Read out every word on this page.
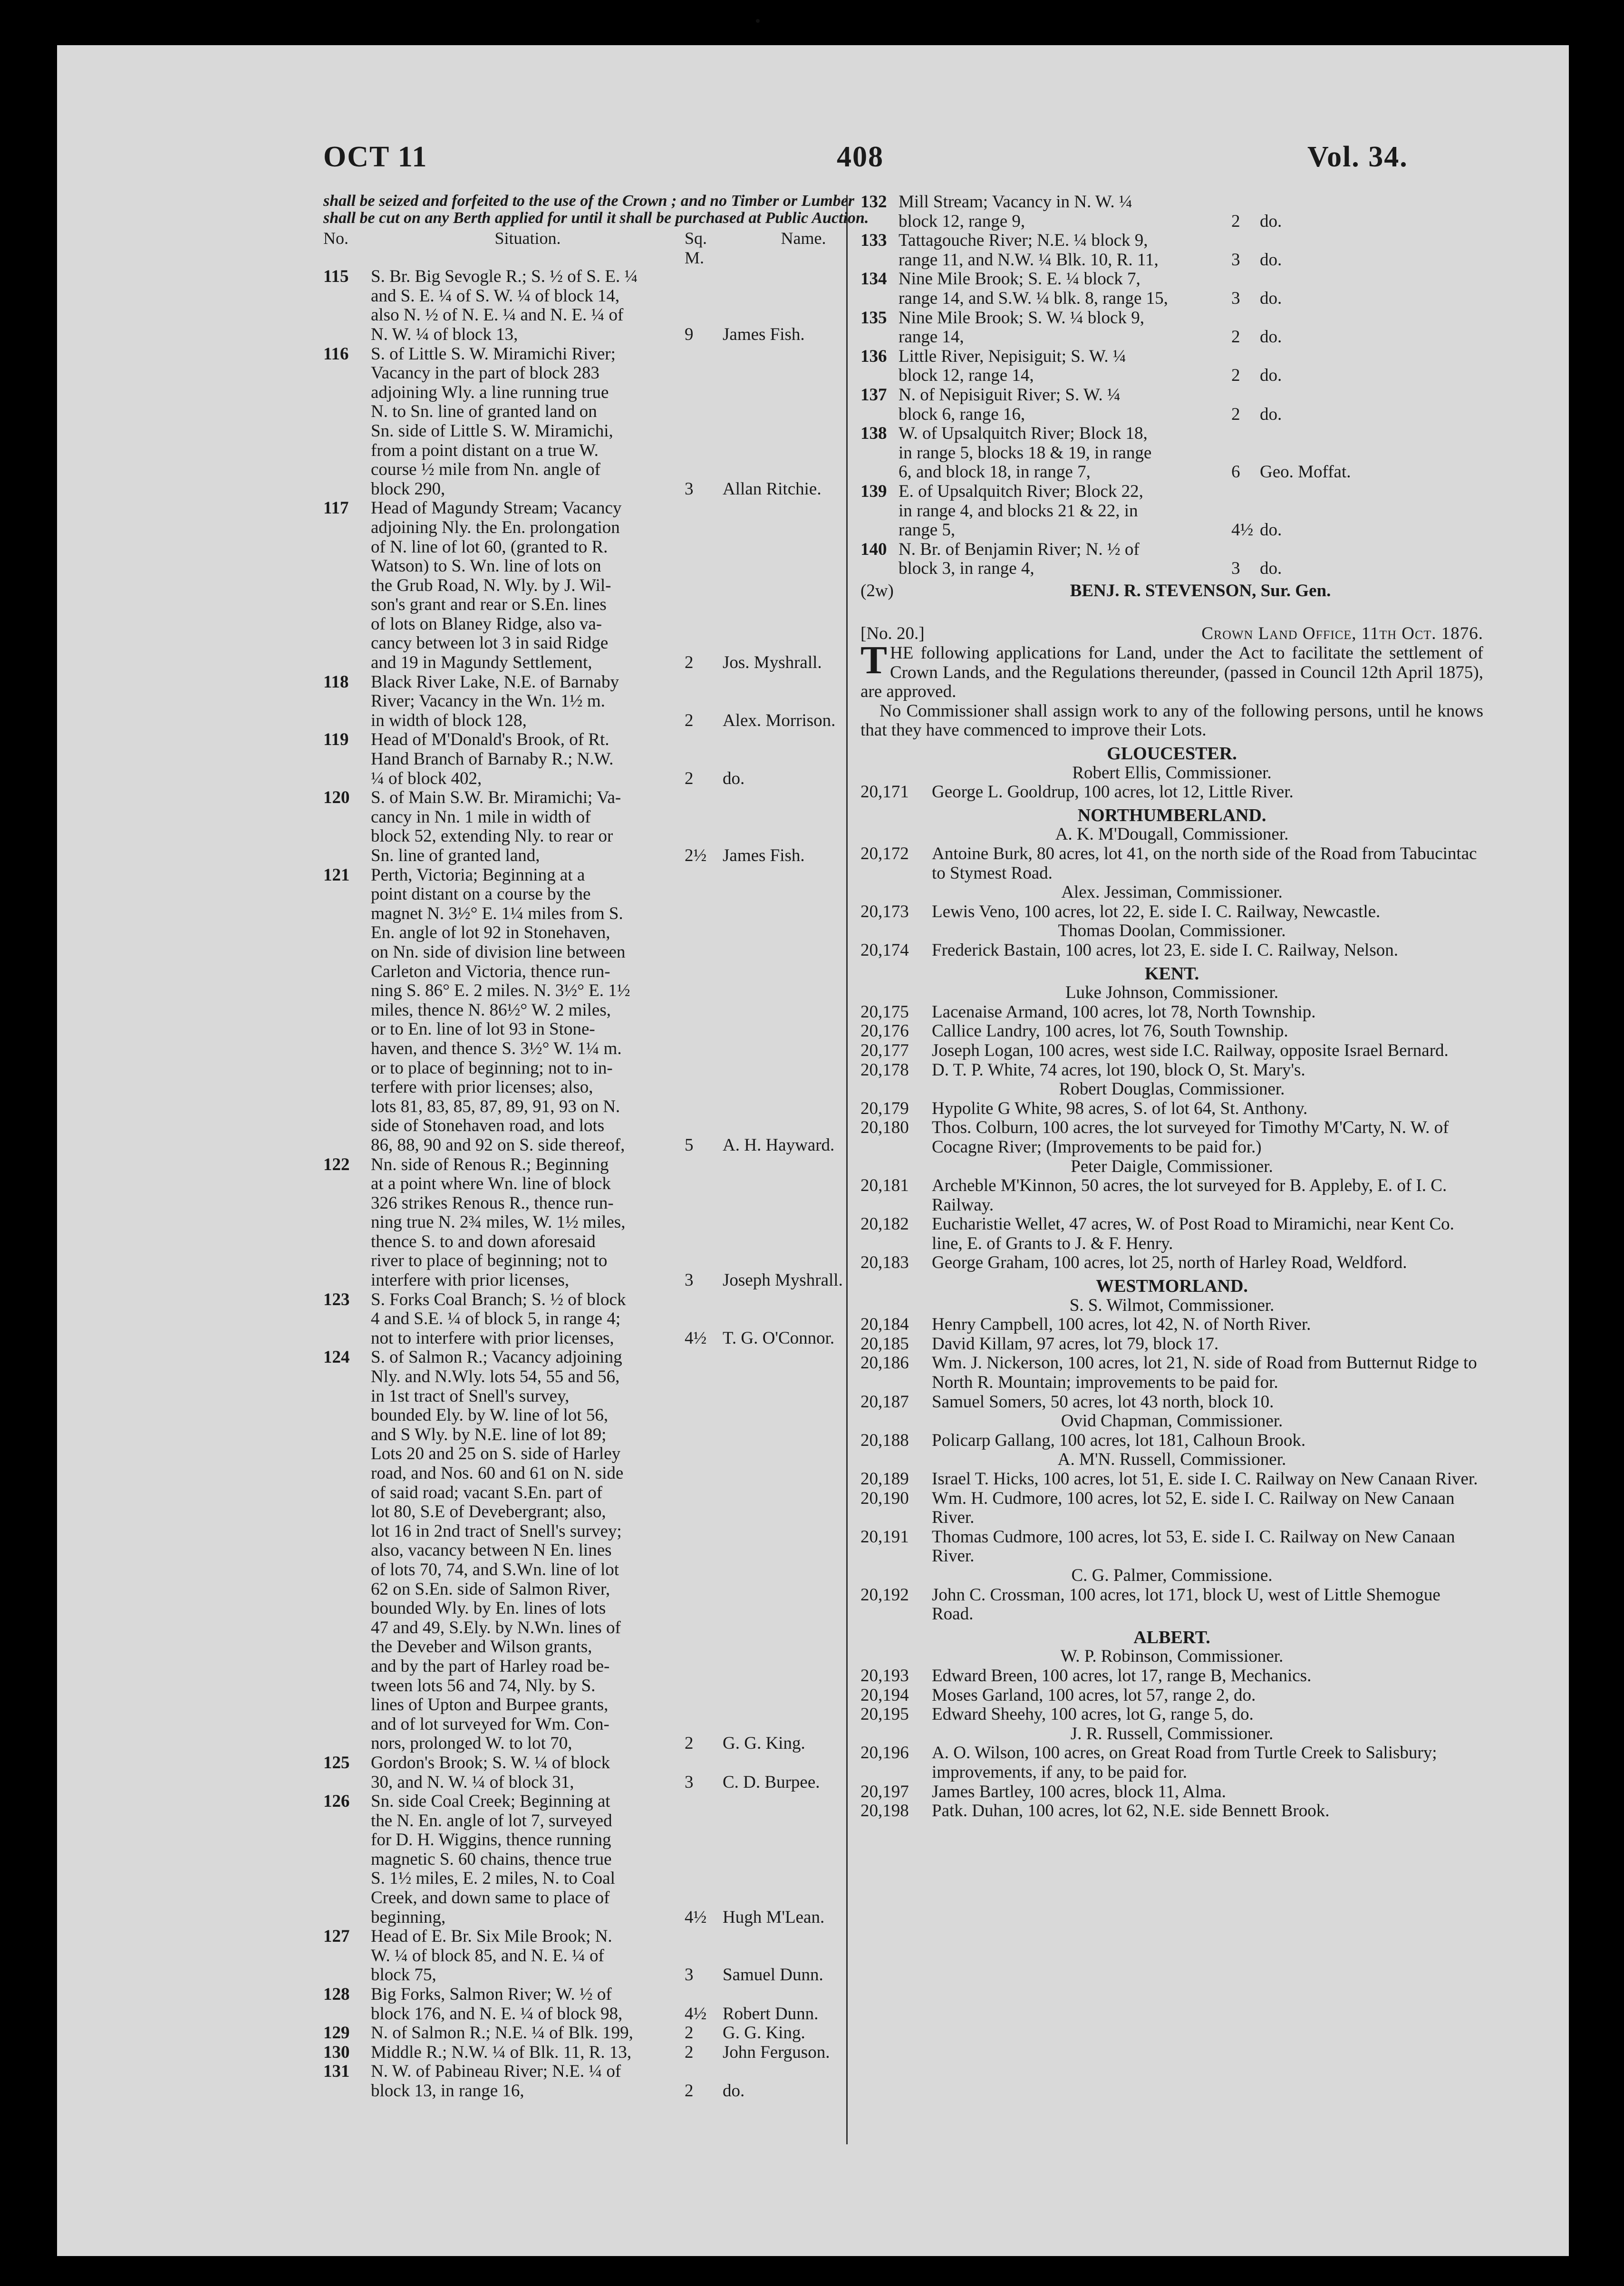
OCT 11	408	Vol. 34.
shall be seized and forfeited to the use of the Crown ; and no Timber or Lumber shall be cut on any Berth applied for until it shall be purchased at Public Auction.
No.	Situation.	Sq. M.
Name.
115	S. Br. Big Sevogle R.; S. ½ of S. E. ¼
and S. E. ¼ of S. W. ¼ of block 14,
also N. ½ of N. E. ¼ and N. E. ¼ of
N. W. ¼ of block 13,	9	James Fish.
116	S. of Little S. W. Miramichi River;
Vacancy in the part of block 283
adjoining Wly. a line running true
N. to Sn. line of granted land on
Sn. side of Little S. W. Miramichi,
from a point distant on a true W.
course ½ mile from Nn. angle of
block 290,	3	Allan Ritchie.
117	Head of Magundy Stream; Vacancy
adjoining Nly. the En. prolongation
of N. line of lot 60, (granted to R.
Watson) to S. Wn. line of lots on
the Grub Road, N. Wly. by J. Wil-
son's grant and rear or S.En. lines
of lots on Blaney Ridge, also va-
cancy between lot 3 in said Ridge
and 19 in Magundy Settlement,	2	Jos. Myshrall.
118	Black River Lake, N.E. of Barnaby
River; Vacancy in the Wn. 1½ m.
in width of block 128,	2	Alex. Morrison.
119	Head of M'Donald's Brook, of Rt.
Hand Branch of Barnaby R.; N.W.
¼ of block 402,	2	do.
120	S. of Main S.W. Br. Miramichi; Va-
cancy in Nn. 1 mile in width of
block 52, extending Nly. to rear or
Sn. line of granted land,	2½ James Fish.
121	Perth, Victoria; Beginning at a
point distant on a course by the
magnet N. 3½° E. 1¼ miles from S.
En. angle of lot 92 in Stonehaven,
on Nn. side of division line between
Carleton and Victoria, thence run-
ning S. 86° E. 2 miles. N. 3½° E. 1½
miles, thence N. 86½° W. 2 miles,
or to En. line of lot 93 in Stone-
haven, and thence S. 3½° W. 1¼ m.
or to place of beginning; not to in-
terfere with prior licenses; also,
lots 81, 83, 85, 87, 89, 91, 93 on N.
side of Stonehaven road, and lots
86, 88, 90 and 92 on S. side thereof,	5	A. H. Hayward.
122	Nn. side of Renous R.; Beginning
at a point where Wn. line of block
326 strikes Renous R., thence run-
ning true N. 2¾ miles, W. 1½ miles,
thence S. to and down aforesaid
river to place of beginning; not to
interfere with prior licenses,	3	Joseph Myshrall.
123	S. Forks Coal Branch; S. ½ of block
4 and S.E. ¼ of block 5, in range 4;
not to interfere with prior licenses,	4½ T. G. O'Connor.
124	S. of Salmon R.; Vacancy adjoining
Nly. and N.Wly. lots 54, 55 and 56,
in 1st tract of Snell's survey,
bounded Ely. by W. line of lot 56,
and S Wly. by N.E. line of lot 89;
Lots 20 and 25 on S. side of Harley
road, and Nos. 60 and 61 on N. side
of said road; vacant S.En. part of
lot 80, S.E of Devebergrant; also,
lot 16 in 2nd tract of Snell's survey;
also, vacancy between N En. lines
of lots 70, 74, and S.Wn. line of lot
62 on S.En. side of Salmon River,
bounded Wly. by En. lines of lots
47 and 49, S.Ely. by N.Wn. lines of
the Deveber and Wilson grants,
and by the part of Harley road be-
tween lots 56 and 74, Nly. by S.
lines of Upton and Burpee grants,
and of lot surveyed for Wm. Con-
nors, prolonged W. to lot 70,	2	G. G. King.
125	Gordon's Brook; S. W. ¼ of block
30, and N. W. ¼ of block 31,	3	C. D. Burpee.
126	Sn. side Coal Creek; Beginning at
the N. En. angle of lot 7, surveyed
for D. H. Wiggins, thence running
magnetic S. 60 chains, thence true
S. 1½ miles, E. 2 miles, N. to Coal
Creek, and down same to place of
beginning,	4½ Hugh M'Lean.
127	Head of E. Br. Six Mile Brook; N.
W. ¼ of block 85, and N. E. ¼ of
block 75,	3	Samuel Dunn.
128	Big Forks, Salmon River; W. ½ of
block 176, and N. E. ¼ of block 98,	4½ Robert Dunn.
129	N. of Salmon R.; N.E. ¼ of Blk. 199,	2	G. G. King.
130	Middle R.; N.W. ¼ of Blk. 11, R. 13,	2	John Ferguson.
131	N. W. of Pabineau River; N.E. ¼ of
block 13, in range 16,	2	do.
132 Mill Stream; Vacancy in N. W. ¼
block 12, range 9,	2	do.
133 Tattagouche River; N.E. ¼ block 9,
range 11, and N.W. ¼ Blk. 10, R. 11,	3	do.
134 Nine Mile Brook; S. E. ¼ block 7,
range 14, and S.W. ¼ blk. 8, range 15,	3	do.
135 Nine Mile Brook; S. W. ¼ block 9,
range 14,	2	do.
136 Little River, Nepisiguit; S. W. ¼
block 12, range 14,	2	do.
137 N. of Nepisiguit River; S. W. ¼
block 6, range 16,	2	do.
138 W. of Upsalquitch River; Block 18,
in range 5, blocks 18 & 19, in range
6, and block 18, in range 7,	6	Geo. Moffat.
139 E. of Upsalquitch River; Block 22,
in range 4, and blocks 21 & 22, in
range 5,	4½ do.
140 N. Br. of Benjamin River; N. ½ of
block 3, in range 4,	3	do.
(2w)	BENJ. R. STEVENSON, Sur. Gen.
[No. 20.]	Crown Land Office, 11th Oct. 1876.
THE following applications for Land, under the Act to facilitate the settlement of Crown Lands, and the Regulations thereunder, (passed in Council 12th April 1875), are approved.
No Commissioner shall assign work to any of the following persons, until he knows that they have commenced to improve their Lots.
GLOUCESTER.
Robert Ellis, Commissioner.
20,171	George L. Gooldrup, 100 acres, lot 12, Little River.
NORTHUMBERLAND.
A. K. M'Dougall, Commissioner.
20,172	Antoine Burk, 80 acres, lot 41, on the north side of the Road from Tabucintac to Stymest Road.
Alex. Jessiman, Commissioner.
20,173	Lewis Veno, 100 acres, lot 22, E. side I. C. Railway, Newcastle.
Thomas Doolan, Commissioner.
20,174	Frederick Bastain, 100 acres, lot 23, E. side I. C. Railway, Nelson.
KENT.
Luke Johnson, Commissioner.
20,175	Lacenaise Armand, 100 acres, lot 78, North Township.
20,176	Callice Landry, 100 acres, lot 76, South Township.
20,177	Joseph Logan, 100 acres, west side I.C. Railway, opposite Israel Bernard.
20,178	D. T. P. White, 74 acres, lot 190, block O, St. Mary's.
Robert Douglas, Commissioner.
20,179	Hypolite G White, 98 acres, S. of lot 64, St. Anthony.
20,180	Thos. Colburn, 100 acres, the lot surveyed for Timothy M'Carty, N. W. of Cocagne River; (Improvements to be paid for.)
Peter Daigle, Commissioner.
20,181	Archeble M'Kinnon, 50 acres, the lot surveyed for B. Appleby, E. of I. C. Railway.
20,182	Eucharistie Wellet, 47 acres, W. of Post Road to Miramichi, near Kent Co. line, E. of Grants to J. & F. Henry.
20,183	George Graham, 100 acres, lot 25, north of Harley Road, Weldford.
WESTMORLAND.
S. S. Wilmot, Commissioner.
20,184	Henry Campbell, 100 acres, lot 42, N. of North River.
20,185	David Killam, 97 acres, lot 79, block 17.
20,186	Wm. J. Nickerson, 100 acres, lot 21, N. side of Road from Butternut Ridge to North R. Mountain; improvements to be paid for.
20,187	Samuel Somers, 50 acres, lot 43 north, block 10.
Ovid Chapman, Commissioner.
20,188	Policarp Gallang, 100 acres, lot 181, Calhoun Brook.
A. M'N. Russell, Commissioner.
20,189	Israel T. Hicks, 100 acres, lot 51, E. side I. C. Railway on New Canaan River.
20,190	Wm. H. Cudmore, 100 acres, lot 52, E. side I. C. Railway on New Canaan River.
20,191	Thomas Cudmore, 100 acres, lot 53, E. side I. C. Railway on New Canaan River.
C. G. Palmer, Commissione.
20,192	John C. Crossman, 100 acres, lot 171, block U, west of Little Shemogue Road.
ALBERT.
W. P. Robinson, Commissioner.
20,193	Edward Breen, 100 acres, lot 17, range B, Mechanics.
20,194	Moses Garland, 100 acres, lot 57, range 2, do.
20,195	Edward Sheehy, 100 acres, lot G, range 5, do.
J. R. Russell, Commissioner.
20,196	A. O. Wilson, 100 acres, on Great Road from Turtle Creek to Salisbury; improvements, if any, to be paid for.
20,197	James Bartley, 100 acres, block 11, Alma.
20,198	Patk. Duhan, 100 acres, lot 62, N.E. side Bennett Brook.
